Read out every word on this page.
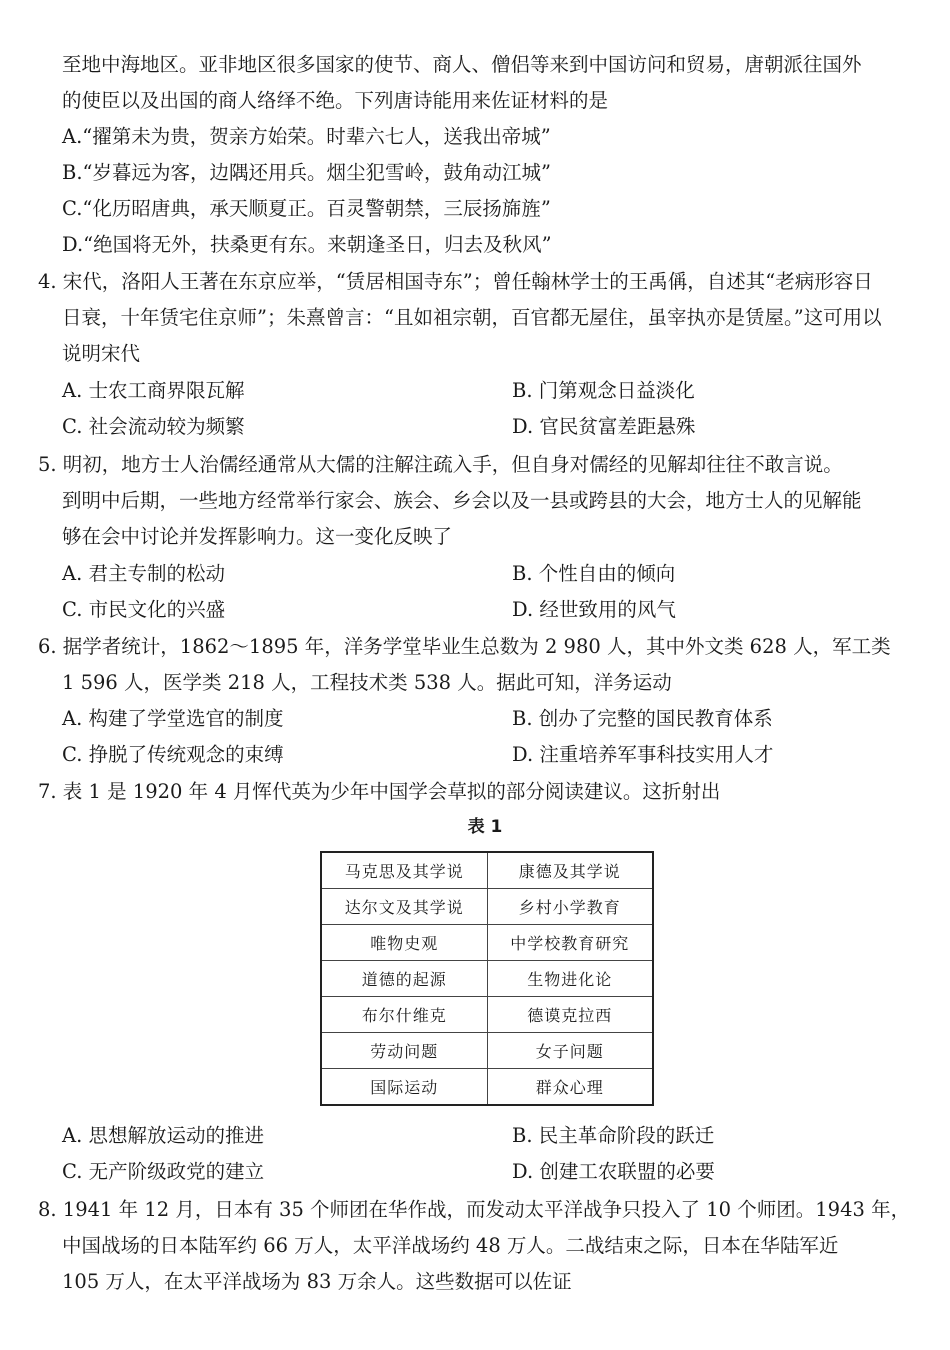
至地中海地区。亚非地区很多国家的使节、商人、僧侣等来到中国访问和贸易，唐朝派往国外
的使臣以及出国的商人络绎不绝。下列唐诗能用来佐证材料的是
A.“擢第未为贵，贺亲方始荣。时辈六七人，送我出帝城”
B.“岁暮远为客，边隅还用兵。烟尘犯雪岭，鼓角动江城”
C.“化历昭唐典，承天顺夏正。百灵警朝禁，三辰扬旆旌”
D.“绝国将无外，扶桑更有东。来朝逢圣日，归去及秋风”
4. 宋代，洛阳人王著在东京应举，“赁居相国寺东”；曾任翰林学士的王禹偁，自述其“老病形容日
日衰，十年赁宅住京师”；朱熹曾言：“且如祖宗朝，百官都无屋住，虽宰执亦是赁屋。”这可用以
说明宋代
A. 士农工商界限瓦解	B. 门第观念日益淡化
C. 社会流动较为频繁	D. 官民贫富差距悬殊
5. 明初，地方士人治儒经通常从大儒的注解注疏入手，但自身对儒经的见解却往往不敢言说。
到明中后期，一些地方经常举行家会、族会、乡会以及一县或跨县的大会，地方士人的见解能
够在会中讨论并发挥影响力。这一变化反映了
A. 君主专制的松动	B. 个性自由的倾向
C. 市民文化的兴盛	D. 经世致用的风气
6. 据学者统计，1862～1895 年，洋务学堂毕业生总数为 2 980 人，其中外文类 628 人，军工类
1 596 人，医学类 218 人，工程技术类 538 人。据此可知，洋务运动
A. 构建了学堂选官的制度	B. 创办了完整的国民教育体系
C. 挣脱了传统观念的束缚	D. 注重培养军事科技实用人才
7. 表 1 是 1920 年 4 月恽代英为少年中国学会草拟的部分阅读建议。这折射出
表 1
马克思及其学说	康德及其学说
达尔文及其学说	乡村小学教育
唯物史观	中学校教育研究
道德的起源	生物进化论
布尔什维克	德谟克拉西
劳动问题	女子问题
国际运动	群众心理
A. 思想解放运动的推进	B. 民主革命阶段的跃迁
C. 无产阶级政党的建立	D. 创建工农联盟的必要
8. 1941 年 12 月，日本有 35 个师团在华作战，而发动太平洋战争只投入了 10 个师团。1943 年，
中国战场的日本陆军约 66 万人，太平洋战场约 48 万人。二战结束之际，日本在华陆军近
105 万人，在太平洋战场为 83 万余人。这些数据可以佐证
